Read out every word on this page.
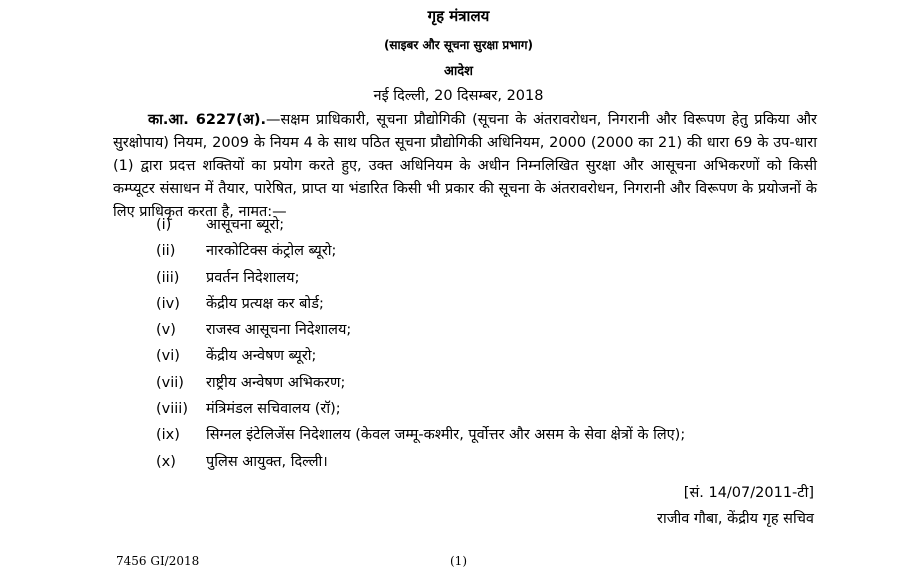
गृह मंत्रालय
(साइबर और सूचना सुरक्षा प्रभाग)
आदेश
नई दिल्ली, 20 दिसम्बर, 2018
का.आ. 6227(अ).—सक्षम प्राधिकारी, सूचना प्रौद्योगिकी (सूचना के अंतरावरोधन, निगरानी और विरूपण हेतु प्रकिया और सुरक्षोपाय) नियम, 2009 के नियम 4 के साथ पठित सूचना प्रौद्योगिकी अधिनियम, 2000 (2000 का 21) की धारा 69 के उप-धारा (1) द्वारा प्रदत्त शक्तियों का प्रयोग करते हुए, उक्त अधिनियम के अधीन निम्नलिखित सुरक्षा और आसूचना अभिकरणों को किसी कम्प्यूटर संसाधन में तैयार, पारेषित, प्राप्त या भंडारित किसी भी प्रकार की सूचना के अंतरावरोधन, निगरानी और विरूपण के प्रयोजनों के लिए प्राधिकृत करता है, नामत:—
(i) आसूचना ब्यूरो;
(ii) नारकोटिक्स कंट्रोल ब्यूरो;
(iii) प्रवर्तन निदेशालय;
(iv) केंद्रीय प्रत्यक्ष कर बोर्ड;
(v) राजस्व आसूचना निदेशालय;
(vi) केंद्रीय अन्वेषण ब्यूरो;
(vii) राष्ट्रीय अन्वेषण अभिकरण;
(viii) मंत्रिमंडल सचिवालय (रॉ);
(ix) सिग्नल इंटेलिजेंस निदेशालय (केवल जम्मू-कश्मीर, पूर्वोत्तर और असम के सेवा क्षेत्रों के लिए);
(x) पुलिस आयुक्त, दिल्ली।
[सं. 14/07/2011-टी]
राजीव गौबा, केंद्रीय गृह सचिव
7456 GI/2018	(1)
